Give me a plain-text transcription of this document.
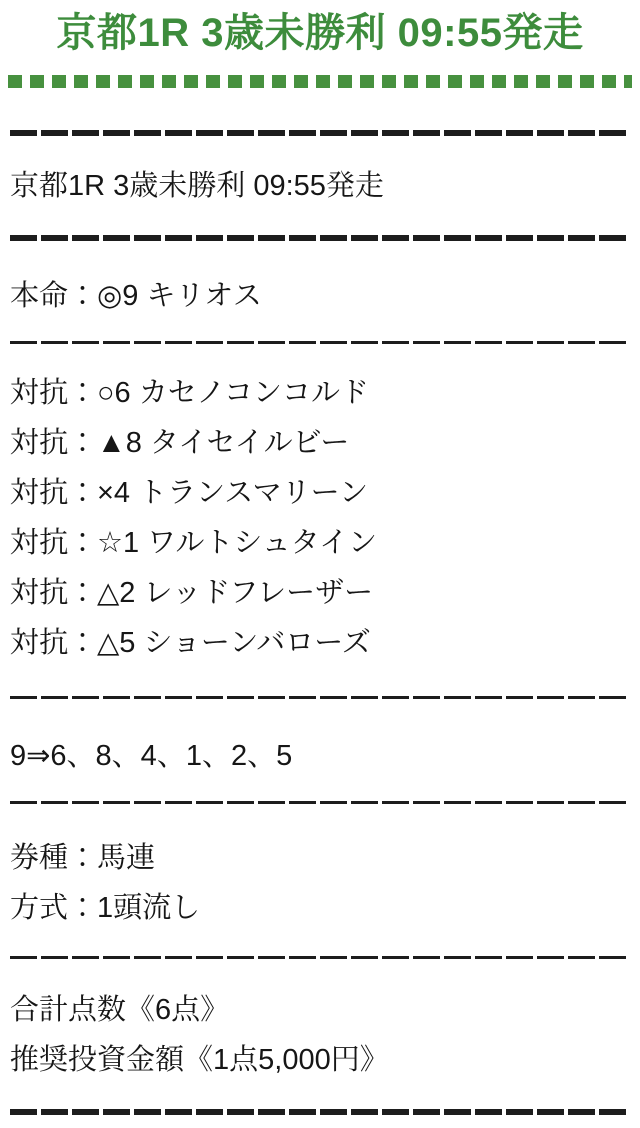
京都1R 3歳未勝利 09:55発走

京都1R 3歳未勝利 09:55発走

本命：◎9 キリオス

対抗：○6 カセノコンコルド

対抗：▲8 タイセイルビー

対抗：×4 トランスマリーン

対抗：☆1 ワルトシュタイン

対抗：△2 レッドフレーザー

対抗：△5 ショーンバローズ

9⇒6、8、4、1、2、5

券種：馬連

方式：1頭流し

合計点数《6点》

推奨投資金額《1点5,000円》
